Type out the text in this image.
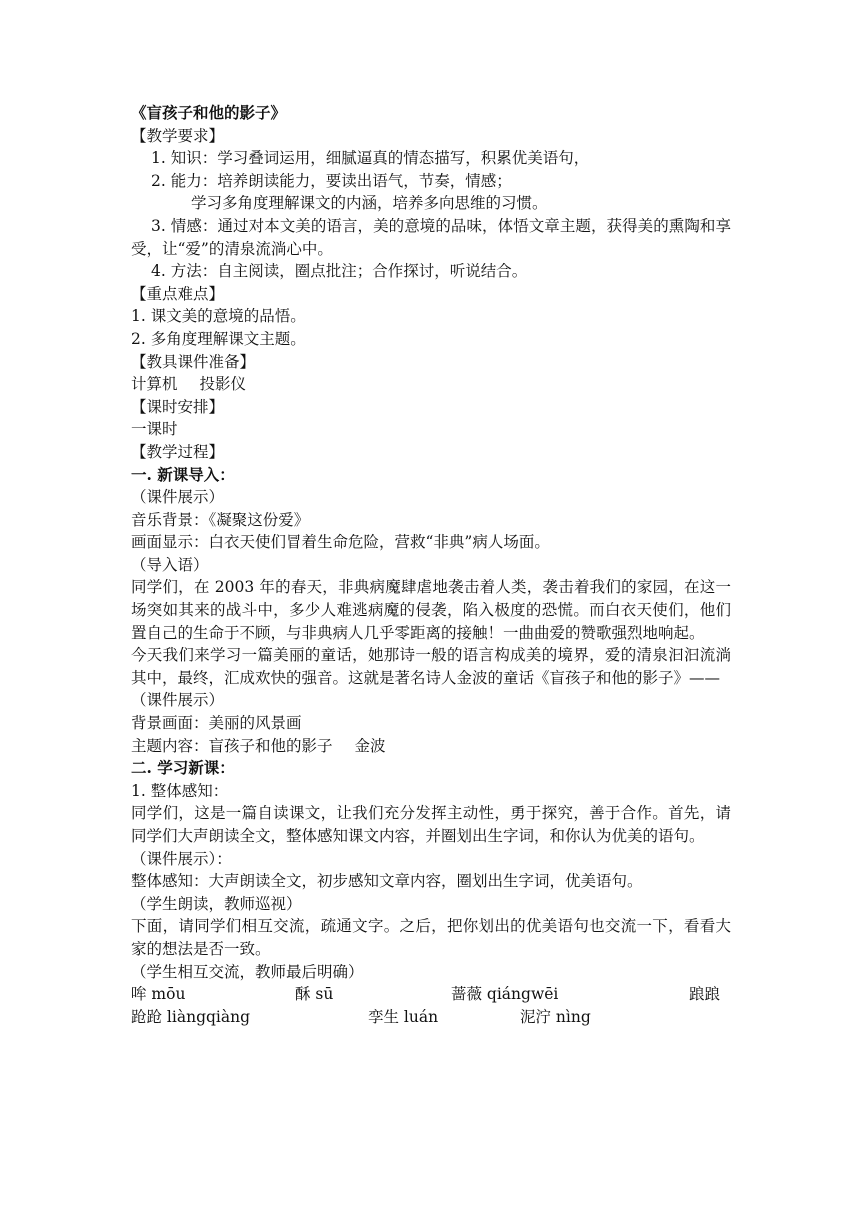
《盲孩子和他的影子》
【教学要求】
1. 知识：学习叠词运用，细腻逼真的情态描写，积累优美语句，
2. 能力：培养朗读能力，要读出语气，节奏，情感；
学习多角度理解课文的内涵，培养多向思维的习惯。
3. 情感：通过对本文美的语言，美的意境的品味，体悟文章主题，获得美的熏陶和享受，让“爱”的清泉流淌心中。
4. 方法：自主阅读，圈点批注；合作探讨，听说结合。
【重点难点】
1. 课文美的意境的品悟。
2. 多角度理解课文主题。
【教具课件准备】
计算机 投影仪
【课时安排】
一课时
【教学过程】
一. 新课导入：
（课件展示）
音乐背景：《凝聚这份爱》
画面显示：白衣天使们冒着生命危险，营救“非典”病人场面。
（导入语）
同学们，在 2003 年的春天，非典病魔肆虐地袭击着人类，袭击着我们的家园，在这一场突如其来的战斗中，多少人难逃病魔的侵袭，陷入极度的恐慌。而白衣天使们，他们置自己的生命于不顾，与非典病人几乎零距离的接触！一曲曲爱的赞歌强烈地响起。
今天我们来学习一篇美丽的童话，她那诗一般的语言构成美的境界，爱的清泉汩汩流淌其中，最终，汇成欢快的强音。这就是著名诗人金波的童话《盲孩子和他的影子》——
（课件展示）
背景画面：美丽的风景画
主题内容：盲孩子和他的影子 金波
二. 学习新课：
1. 整体感知：
同学们，这是一篇自读课文，让我们充分发挥主动性，勇于探究，善于合作。首先，请同学们大声朗读全文，整体感知课文内容，并圈划出生字词，和你认为优美的语句。
（课件展示）：
整体感知：大声朗读全文，初步感知文章内容，圈划出生字词，优美语句。
（学生朗读，教师巡视）
下面，请同学们相互交流，疏通文字。之后，把你划出的优美语句也交流一下，看看大家的想法是否一致。
（学生相互交流，教师最后明确）
哞 mōu	酥 sū	蔷薇 qiángwēi	踉踉
跄跄 liàngqiàng	孪生 luán	泥泞 nìng
